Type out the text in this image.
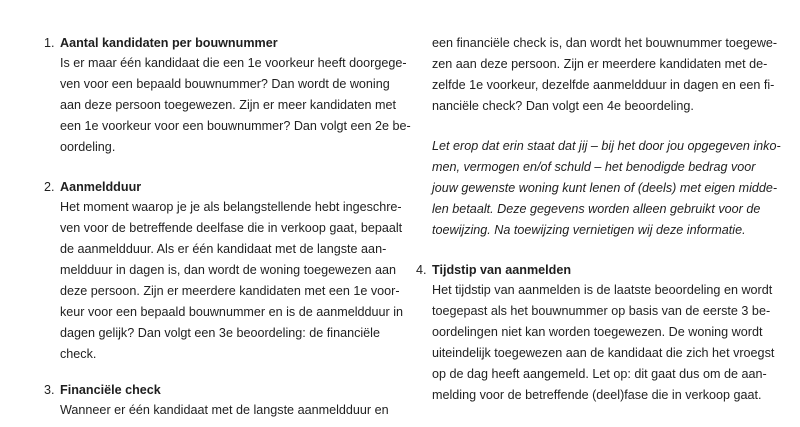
1. Aantal kandidaten per bouwnummer
Is er maar één kandidaat die een 1e voorkeur heeft doorgege-
ven voor een bepaald bouwnummer? Dan wordt de woning
aan deze persoon toegewezen. Zijn er meer kandidaten met
een 1e voorkeur voor een bouwnummer? Dan volgt een 2e be-
oordeling.
2. Aanmeldduur
Het moment waarop je je als belangstellende hebt ingeschre-
ven voor de betreffende deelfase die in verkoop gaat, bepaalt
de aanmeldduur. Als er één kandidaat met de langste aan-
meldduur in dagen is, dan wordt de woning toegewezen aan
deze persoon. Zijn er meerdere kandidaten met een 1e voor-
keur voor een bepaald bouwnummer en is de aanmeldduur in
dagen gelijk? Dan volgt een 3e beoordeling: de financiële
check.
3. Financiële check
Wanneer er één kandidaat met de langste aanmeldduur en
een financiële check is, dan wordt het bouwnummer toegewe-
zen aan deze persoon. Zijn er meerdere kandidaten met de-
zelfde 1e voorkeur, dezelfde aanmeldduur in dagen en een fi-
nanciële check? Dan volgt een 4e beoordeling.
Let erop dat erin staat dat jij – bij het door jou opgegeven inko-
men, vermogen en/of schuld – het benodigde bedrag voor
jouw gewenste woning kunt lenen of (deels) met eigen midde-
len betaalt. Deze gegevens worden alleen gebruikt voor de
toewijzing. Na toewijzing vernietigen wij deze informatie.
4. Tijdstip van aanmelden
Het tijdstip van aanmelden is de laatste beoordeling en wordt
toegepast als het bouwnummer op basis van de eerste 3 be-
oordelingen niet kan worden toegewezen. De woning wordt
uiteindelijk toegewezen aan de kandidaat die zich het vroegst
op de dag heeft aangemeld. Let op: dit gaat dus om de aan-
melding voor de betreffende (deel)fase die in verkoop gaat.
